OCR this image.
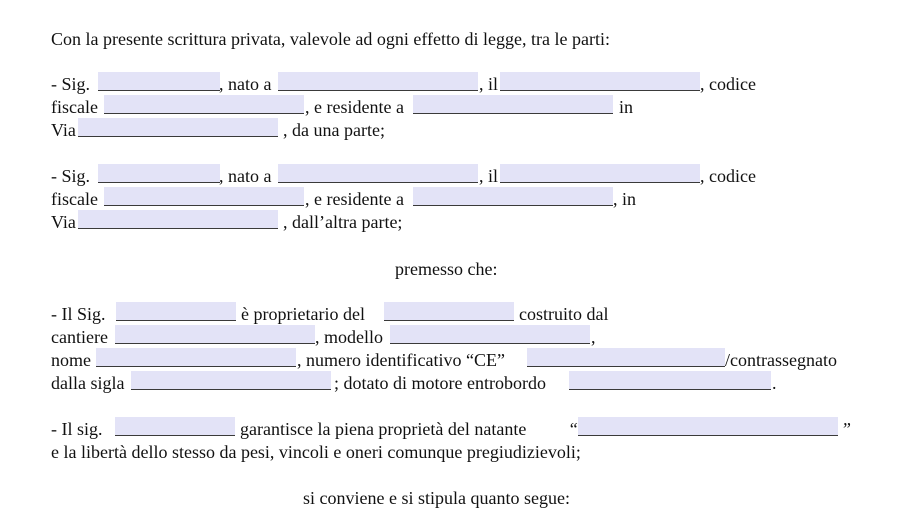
Con la presente scrittura privata, valevole ad ogni effetto di legge, tra le parti:
- Sig.	, nato a	, il	, codice
fiscale	, e residente a	in
Via	, da una parte;
- Sig.	, nato a	, il	, codice
fiscale	, e residente a	, in
Via	, dall’altra parte;
premesso che:
- Il Sig.	è proprietario del	costruito dal
cantiere	, modello	,
nome	, numero identificativo “CE”	/contrassegnato
dalla sigla	; dotato di motore entrobordo	.
- Il sig.	garantisce la piena proprietà del natante “	”
e la libertà dello stesso da pesi, vincoli e oneri comunque pregiudizievoli;
si conviene e si stipula quanto segue:
